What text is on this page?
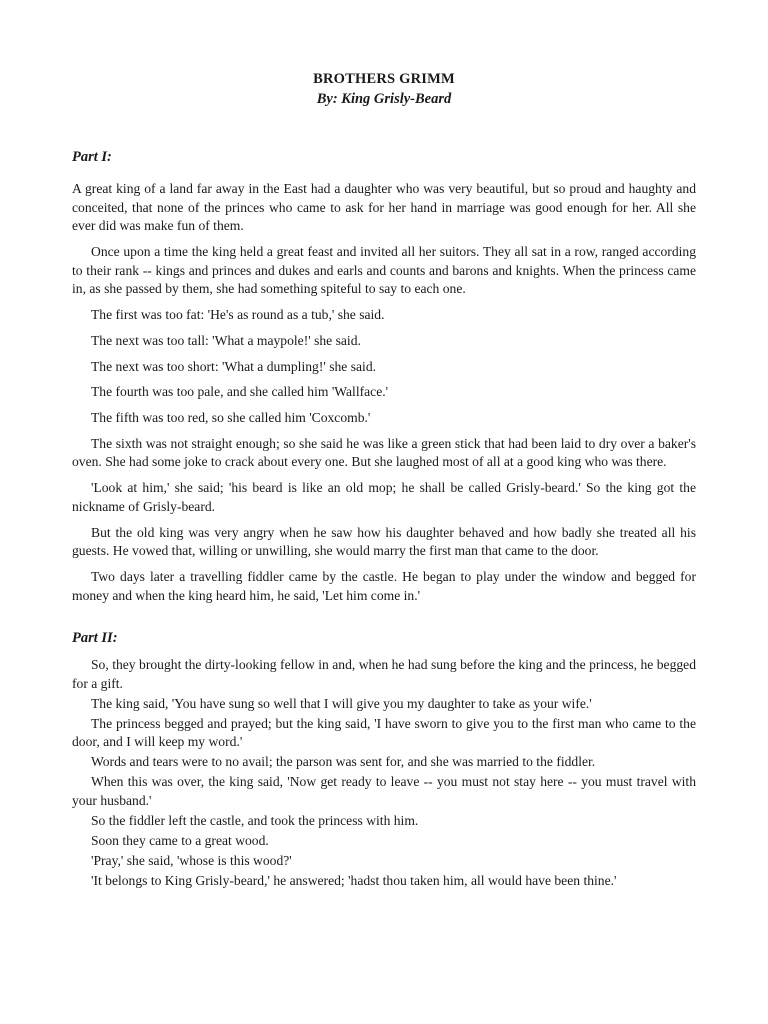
BROTHERS GRIMM
By: King Grisly-Beard
Part I:

A great king of a land far away in the East had a daughter who was very beautiful, but so proud and haughty and conceited, that none of the princes who came to ask for her hand in marriage was good enough for her. All she ever did was make fun of them.

Once upon a time the king held a great feast and invited all her suitors. They all sat in a row, ranged according to their rank -- kings and princes and dukes and earls and counts and barons and knights. When the princess came in, as she passed by them, she had something spiteful to say to each one.

The first was too fat: 'He's as round as a tub,' she said.

The next was too tall: 'What a maypole!' she said.

The next was too short: 'What a dumpling!' she said.

The fourth was too pale, and she called him 'Wallface.'

The fifth was too red, so she called him 'Coxcomb.'

The sixth was not straight enough; so she said he was like a green stick that had been laid to dry over a baker's oven. She had some joke to crack about every one. But she laughed most of all at a good king who was there.

'Look at him,' she said; 'his beard is like an old mop; he shall be called Grisly-beard.' So the king got the nickname of Grisly-beard.

But the old king was very angry when he saw how his daughter behaved and how badly she treated all his guests. He vowed that, willing or unwilling, she would marry the first man that came to the door.

Two days later a travelling fiddler came by the castle. He began to play under the window and begged for money and when the king heard him, he said, 'Let him come in.'

Part II:

So, they brought the dirty-looking fellow in and, when he had sung before the king and the princess, he begged for a gift.

The king said, 'You have sung so well that I will give you my daughter to take as your wife.'

The princess begged and prayed; but the king said, 'I have sworn to give you to the first man who came to the door, and I will keep my word.'

Words and tears were to no avail; the parson was sent for, and she was married to the fiddler.

When this was over, the king said, 'Now get ready to leave -- you must not stay here -- you must travel with your husband.'

So the fiddler left the castle, and took the princess with him.

Soon they came to a great wood.

'Pray,' she said, 'whose is this wood?'

'It belongs to King Grisly-beard,' he answered; 'hadst thou taken him, all would have been thine.'
